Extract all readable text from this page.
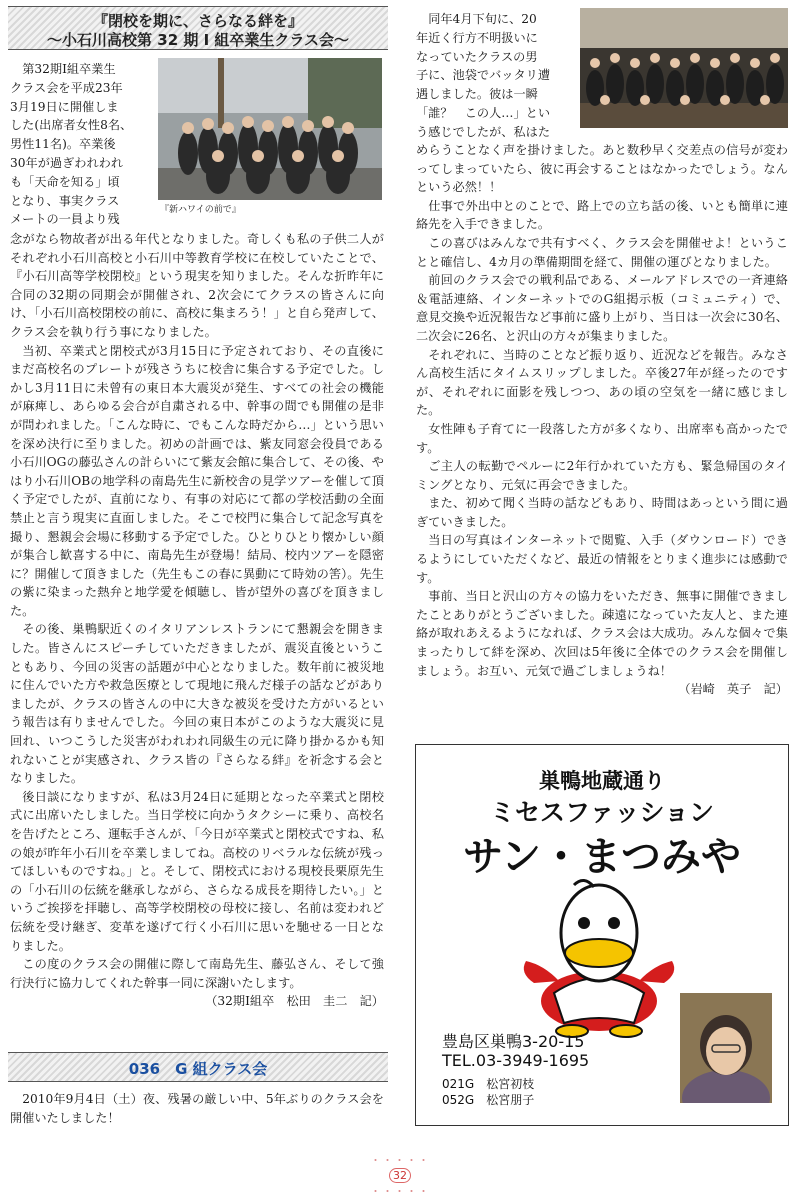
『閉校を期に、さらなる絆を』
～小石川高校第 32 期 I 組卒業生クラス会～
第32期I組卒業生
クラス会を平成23年
3月19日に開催しま
した(出席者女性8名、
男性11名)。卒業後
30年が過ぎわれわれ
も「天命を知る」頃
となり、事実クラス
メートの一員より残
『新ハワイの前で』

念がなら物故者が出る年代となりました。奇しくも私の子供二人がそれぞれ小石川高校と小石川中等教育学校に在校していたことで、『小石川高等学校閉校』という現実を知りました。そんな折昨年に合同の32期の同期会が開催され、2次会にてクラスの皆さんに向け、「小石川高校閉校の前に、高校に集まろう！」と自ら発声して、クラス会を執り行う事になりました。

当初、卒業式と閉校式が3月15日に予定されており、その直後にまだ高校名のプレートが残さうちに校舎に集合する予定でした。しかし3月11日に未曾有の東日本大震災が発生、すべての社会の機能が麻痺し、あらゆる会合が自粛される中、幹事の間でも開催の是非が問われました。「こんな時に、でもこんな時だから…」という思いを深め決行に至りました。初めの計画では、紫友同窓会役員である小石川OGの藤弘さんの計らいにて紫友会館に集合して、その後、やはり小石川OBの地学科の南島先生に新校舎の見学ツアーを催して頂く予定でしたが、直前になり、有事の対応にて都の学校活動の全面禁止と言う現実に直面しました。そこで校門に集合して記念写真を撮り、懇親会会場に移動する予定でした。ひとりひとり懐かしい顔が集合し歓喜する中に、南島先生が登場！結局、校内ツアーを隠密に？開催して頂きました（先生もこの春に異動にて時効の筈）。先生の紫に染まった熱弁と地学愛を傾聴し、皆が望外の喜びを頂きました。

その後、巣鴨駅近くのイタリアンレストランにて懇親会を開きました。皆さんにスピーチしていただきましたが、震災直後ということもあり、今回の災害の話題が中心となりました。数年前に被災地に住んでいた方や救急医療として現地に飛んだ様子の話などがありましたが、クラスの皆さんの中に大きな被災を受けた方がいるという報告は有りませんでした。今回の東日本がこのような大震災に見回れ、いつこうした災害がわれわれ同級生の元に降り掛かるかも知れないことが実感され、クラス皆の『さらなる絆』を祈念する会となりました。

後日談になりますが、私は3月24日に延期となった卒業式と閉校式に出席いたしました。当日学校に向かうタクシーに乗り、高校名を告げたところ、運転手さんが、「今日が卒業式と閉校式ですね、私の娘が昨年小石川を卒業しましてね。高校のリベラルな伝統が残ってほしいものですね。」と。そして、閉校式における現校長栗原先生の「小石川の伝統を継承しながら、さらなる成長を期待したい。」というご挨拶を拝聴し、高等学校閉校の母校に接し、名前は変われど伝統を受け継ぎ、変革を遂げて行く小石川に思いを馳せる一日となりました。

この度のクラス会の開催に際して南島先生、藤弘さん、そして強行決行に協力してくれた幹事一同に深謝いたします。

（32期I組卒　松田　圭二　記）

036　G 組クラス会

2010年9月4日（土）夜、残暑の厳しい中、5年ぶりのクラス会を開催いたしました！

同年4月下旬に、20
年近く行方不明扱いに
なっていたクラスの男
子に、池袋でバッタリ遭
遇しました。彼は一瞬
「誰？　この人…」とい
う感じでしたが、私はた

めらうことなく声を掛けました。あと数秒早く交差点の信号が変わってしまっていたら、彼に再会することはなかったでしょう。なんという必然！！

仕事で外出中とのことで、路上での立ち話の後、いとも簡単に連絡先を入手できました。

この喜びはみんなで共有すべく、クラス会を開催せよ！ということと確信し、4カ月の準備期間を経て、開催の運びとなりました。

前回のクラス会での戦利品である、メールアドレスでの一斉連絡＆電話連絡、インターネットでのG組掲示板（コミュニティ）で、意見交換や近況報告など事前に盛り上がり、当日は一次会に30名、二次会に26名、と沢山の方々が集まりました。

それぞれに、当時のことなど振り返り、近況などを報告。みなさん高校生活にタイムスリップしました。卒後27年が経ったのですが、それぞれに面影を残しつつ、あの頃の空気を一緒に感じました。

女性陣も子育てに一段落した方が多くなり、出席率も高かったです。

ご主人の転勤でペルーに2年行かれていた方も、緊急帰国のタイミングとなり、元気に再会できました。

また、初めて聞く当時の話などもあり、時間はあっという間に過ぎていきました。

当日の写真はインターネットで閲覧、入手（ダウンロード）できるようにしていただくなど、最近の情報をとりまく進歩には感動です。

事前、当日と沢山の方々の協力をいただき、無事に開催できましたことありがとうございました。疎遠になっていた友人と、また連絡が取れあえるようになれば、クラス会は大成功。みんな個々で集まったりして絆を深め、次回は5年後に全体でのクラス会を開催しましょう。お互い、元気で過ごしましょうね！

（岩崎　英子　記）

巣鴨地蔵通り
ミセスファッション
サン・まつみや
豊島区巣鴨3-20-15
TEL.03-3949-1695
021G　松宮初枝
052G　松宮朋子
・・・・・32・・・・・
